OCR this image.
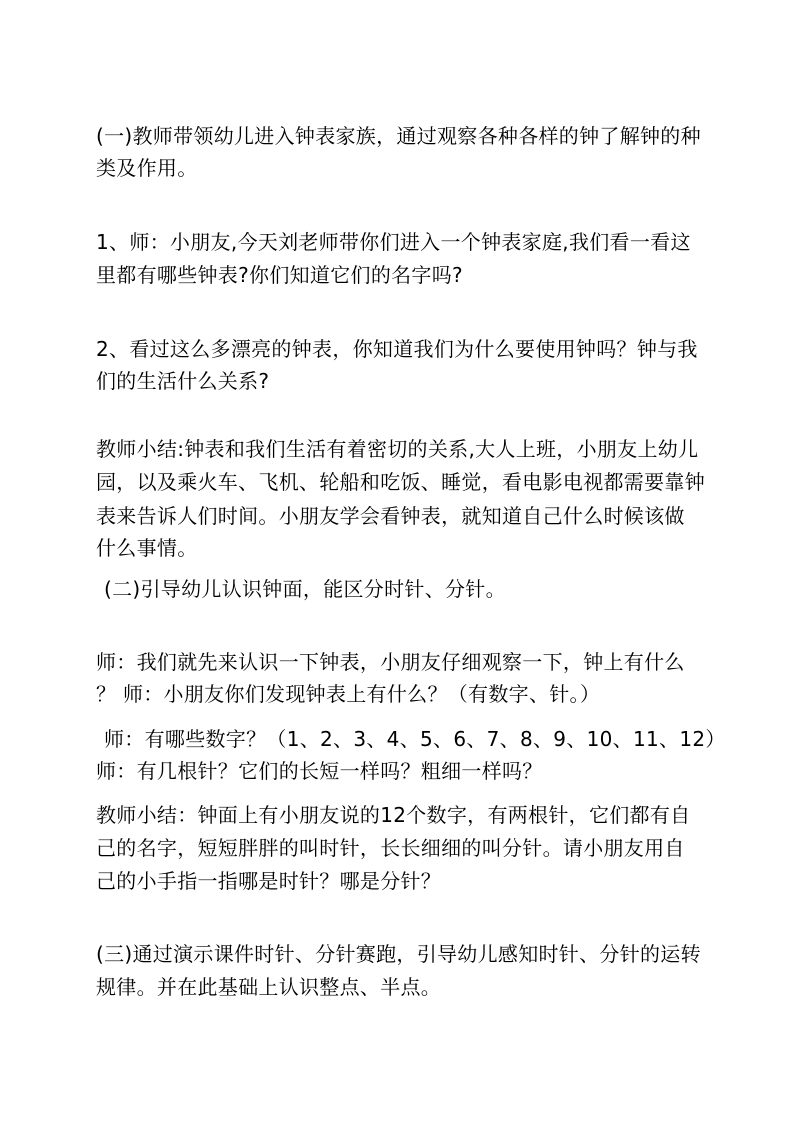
(一)教师带领幼儿进入钟表家族，通过观察各种各样的钟了解钟的种
类及作用。
1、师：小朋友,今天刘老师带你们进入一个钟表家庭,我们看一看这
里都有哪些钟表?你们知道它们的名字吗?
2、看过这么多漂亮的钟表，你知道我们为什么要使用钟吗？钟与我
们的生活什么关系?
教师小结:钟表和我们生活有着密切的关系,大人上班，小朋友上幼儿
园，以及乘火车、飞机、轮船和吃饭、睡觉，看电影电视都需要靠钟
表来告诉人们时间。小朋友学会看钟表，就知道自己什么时候该做
什么事情。
(二)引导幼儿认识钟面，能区分时针、分针。
师：我们就先来认识一下钟表，小朋友仔细观察一下，钟上有什么
？ 师：小朋友你们发现钟表上有什么？（有数字、针。）
师：有哪些数字？（1、2、3、4、5、6、7、8、9、10、11、12）
师：有几根针？它们的长短一样吗？粗细一样吗？
教师小结：钟面上有小朋友说的12个数字，有两根针，它们都有自
己的名字，短短胖胖的叫时针，长长细细的叫分针。请小朋友用自
己的小手指一指哪是时针？哪是分针？
(三)通过演示课件时针、分针赛跑，引导幼儿感知时针、分针的运转
规律。并在此基础上认识整点、半点。
